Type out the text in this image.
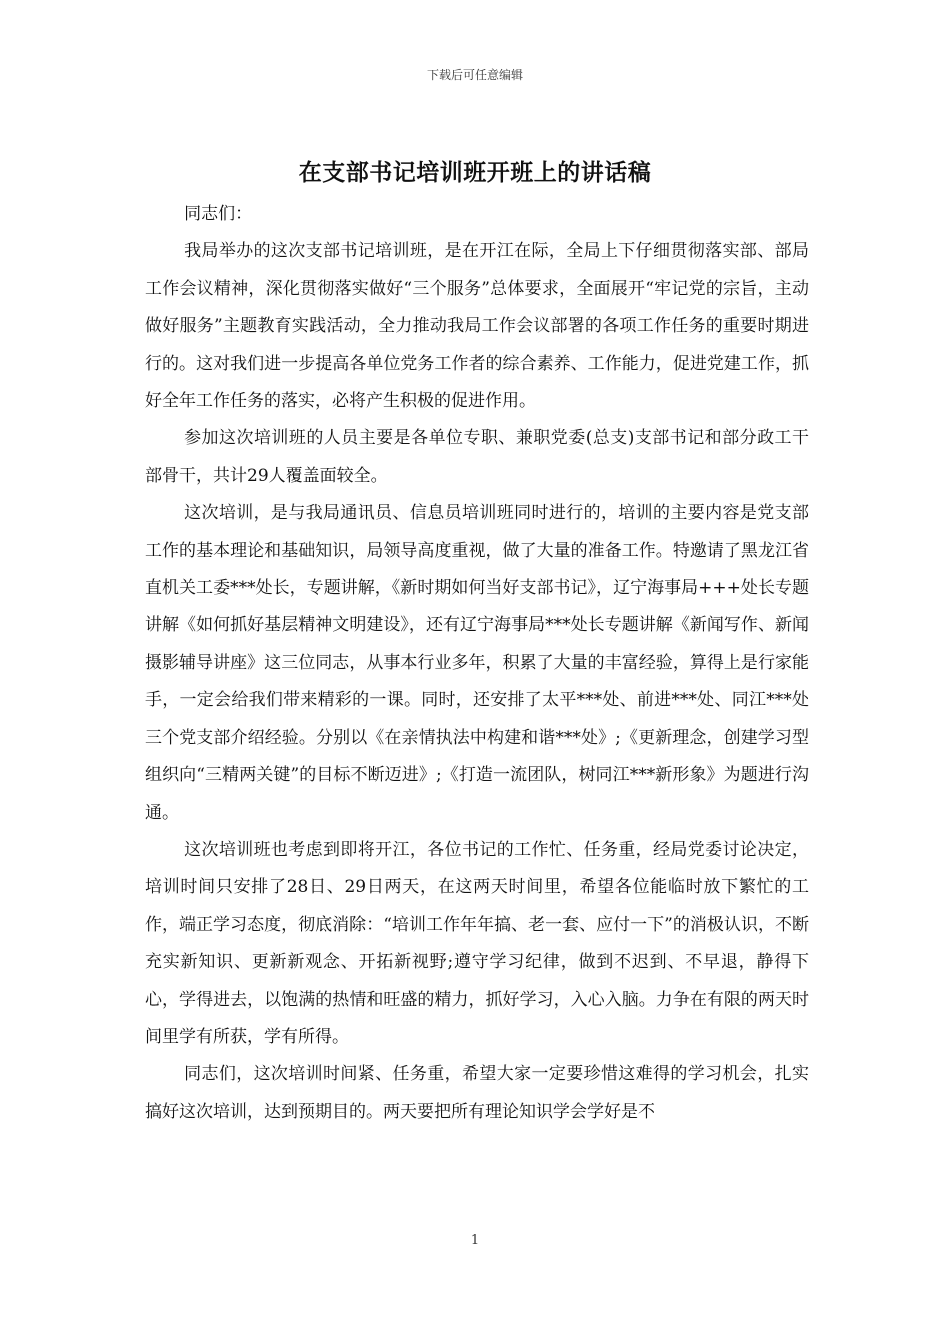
下载后可任意编辑
在支部书记培训班开班上的讲话稿

同志们：

我局举办的这次支部书记培训班，是在开江在际，全局上下仔细贯彻落实部、部局工作会议精神，深化贯彻落实做好“三个服务”总体要求，全面展开“牢记党的宗旨，主动做好服务”主题教育实践活动，全力推动我局工作会议部署的各项工作任务的重要时期进行的。这对我们进一步提高各单位党务工作者的综合素养、工作能力，促进党建工作，抓好全年工作任务的落实，必将产生积极的促进作用。

参加这次培训班的人员主要是各单位专职、兼职党委(总支)支部书记和部分政工干部骨干，共计29人覆盖面较全。

这次培训，是与我局通讯员、信息员培训班同时进行的，培训的主要内容是党支部工作的基本理论和基础知识，局领导高度重视，做了大量的准备工作。特邀请了黑龙江省直机关工委***处长，专题讲解，《新时期如何当好支部书记》，辽宁海事局+++处长专题讲解《如何抓好基层精神文明建设》，还有辽宁海事局***处长专题讲解《新闻写作、新闻摄影辅导讲座》这三位同志，从事本行业多年，积累了大量的丰富经验，算得上是行家能手，一定会给我们带来精彩的一课。同时，还安排了太平***处、前进***处、同江***处三个党支部介绍经验。分别以《在亲情执法中构建和谐***处》;《更新理念，创建学习型组织向“三精两关键”的目标不断迈进》;《打造一流团队，树同江***新形象》为题进行沟通。

这次培训班也考虑到即将开江，各位书记的工作忙、任务重，经局党委讨论决定，培训时间只安排了28日、29日两天，在这两天时间里，希望各位能临时放下繁忙的工作，端正学习态度，彻底消除：“培训工作年年搞、老一套、应付一下”的消极认识，不断充实新知识、更新新观念、开拓新视野;遵守学习纪律，做到不迟到、不早退，静得下心，学得进去，以饱满的热情和旺盛的精力，抓好学习，入心入脑。力争在有限的两天时间里学有所获，学有所得。

同志们，这次培训时间紧、任务重，希望大家一定要珍惜这难得的学习机会，扎实搞好这次培训，达到预期目的。两天要把所有理论知识学会学好是不

1
